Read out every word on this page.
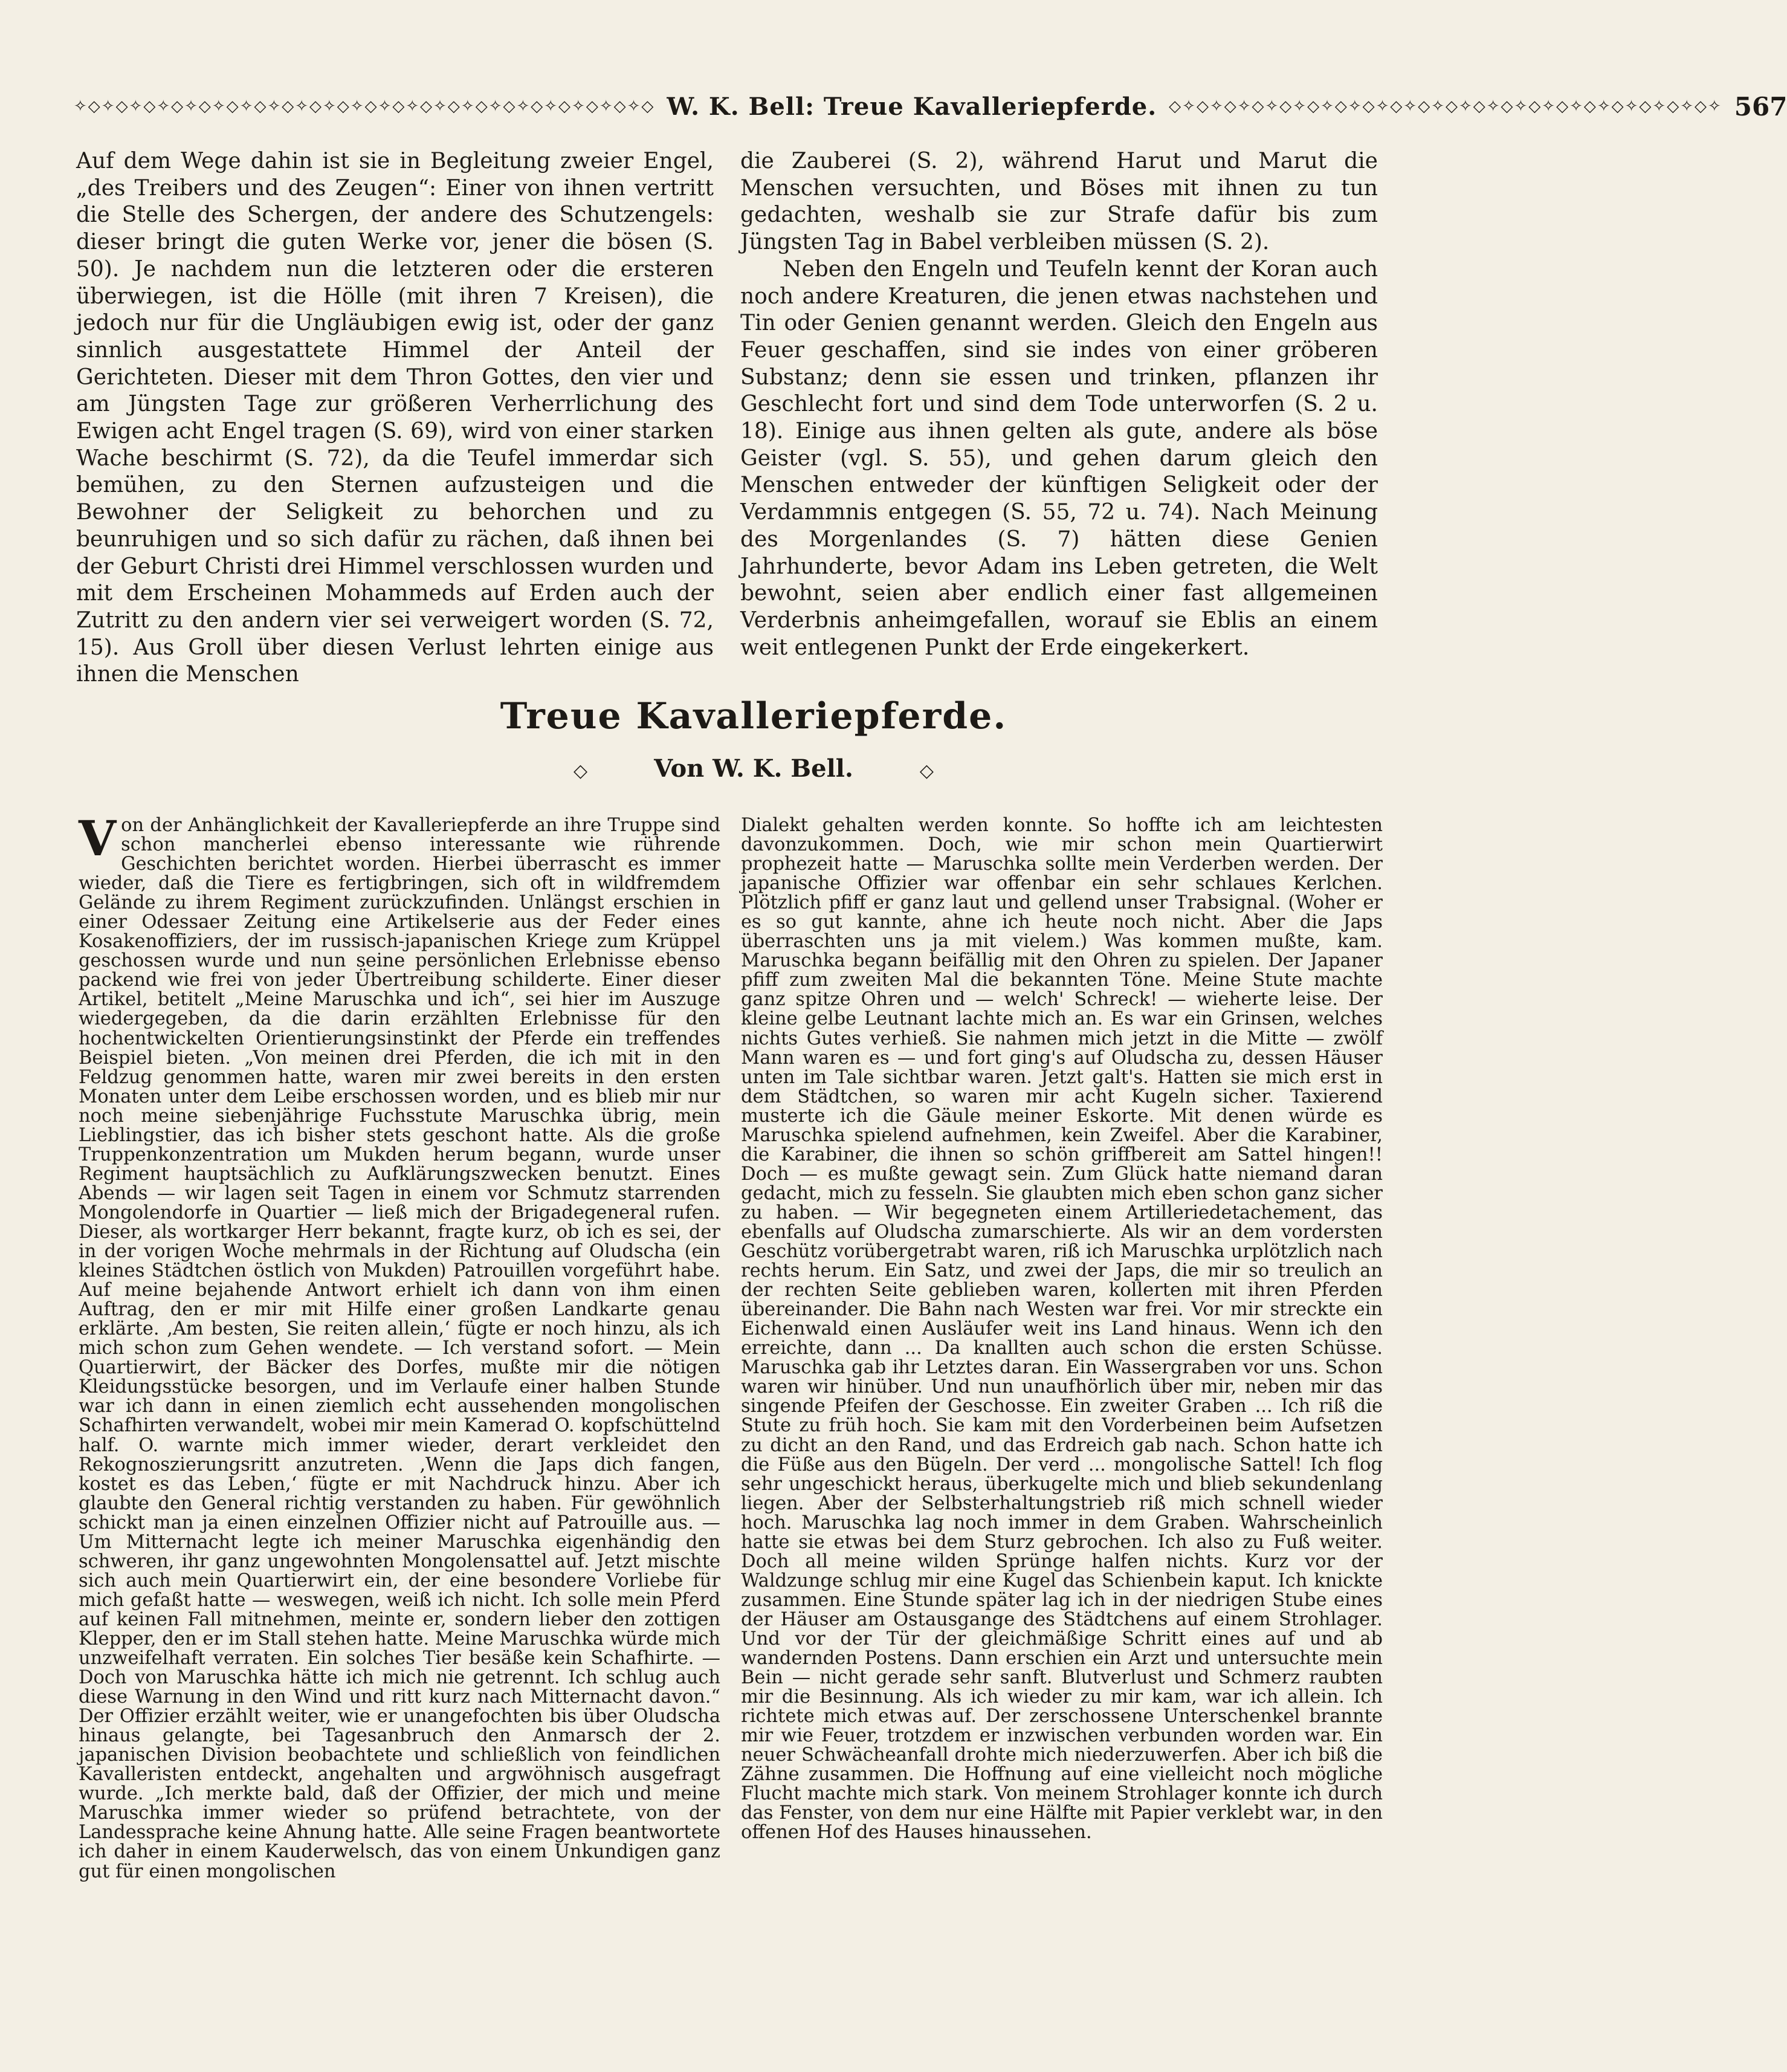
✧◇✧◇✧◇✧◇✧◇✧◇✧◇✧◇✧◇✧◇✧◇✧◇✧◇✧◇✧◇✧◇✧◇✧◇✧◇✧◇✧◇ W. K. Bell: Treue Kavalleriepferde. ◇✧◇✧◇✧◇✧◇✧◇✧◇✧◇✧◇✧◇✧◇✧◇✧◇✧◇✧◇✧◇✧◇✧◇✧◇✧◇✧ 567

Auf dem Wege dahin ist sie in Begleitung zweier Engel, „des Treibers und des Zeugen“: Einer von ihnen vertritt die Stelle des Schergen, der andere des Schutzengels: dieser bringt die guten Werke vor, jener die bösen (S. 50). Je nachdem nun die letzteren oder die ersteren überwiegen, ist die Hölle (mit ihren 7 Kreisen), die jedoch nur für die Ungläubigen ewig ist, oder der ganz sinnlich ausgestattete Himmel der Anteil der Gerichteten. Dieser mit dem Thron Gottes, den vier und am Jüngsten Tage zur größeren Verherrlichung des Ewigen acht Engel tragen (S. 69), wird von einer starken Wache beschirmt (S. 72), da die Teufel immerdar sich bemühen, zu den Sternen aufzusteigen und die Bewohner der Seligkeit zu behorchen und zu beunruhigen und so sich dafür zu rächen, daß ihnen bei der Geburt Christi drei Himmel verschlossen wurden und mit dem Erscheinen Mohammeds auf Erden auch der Zutritt zu den andern vier sei verweigert worden (S. 72, 15). Aus Groll über diesen Verlust lehrten einige aus ihnen die Menschen

die Zauberei (S. 2), während Harut und Marut die Menschen versuchten, und Böses mit ihnen zu tun gedachten, weshalb sie zur Strafe dafür bis zum Jüngsten Tag in Babel verbleiben müssen (S. 2).

Neben den Engeln und Teufeln kennt der Koran auch noch andere Kreaturen, die jenen etwas nachstehen und Tin oder Genien genannt werden. Gleich den Engeln aus Feuer geschaffen, sind sie indes von einer gröberen Substanz; denn sie essen und trinken, pflanzen ihr Geschlecht fort und sind dem Tode unterworfen (S. 2 u. 18). Einige aus ihnen gelten als gute, andere als böse Geister (vgl. S. 55), und gehen darum gleich den Menschen entweder der künftigen Seligkeit oder der Verdammnis entgegen (S. 55, 72 u. 74). Nach Meinung des Morgenlandes (S. 7) hätten diese Genien Jahrhunderte, bevor Adam ins Leben getreten, die Welt bewohnt, seien aber endlich einer fast allgemeinen Verderbnis anheimgefallen, worauf sie Eblis an einem weit entlegenen Punkt der Erde eingekerkert.

Treue Kavalleriepferde.
◇	Von W. K. Bell.	◇

Von der Anhänglichkeit der Kavalleriepferde an ihre Truppe sind schon mancherlei ebenso interessante wie rührende Geschichten berichtet worden. Hierbei überrascht es immer wieder, daß die Tiere es fertigbringen, sich oft in wildfremdem Gelände zu ihrem Regiment zurückzufinden. Unlängst erschien in einer Odessaer Zeitung eine Artikelserie aus der Feder eines Kosakenoffiziers, der im russisch-japanischen Kriege zum Krüppel geschossen wurde und nun seine persönlichen Erlebnisse ebenso packend wie frei von jeder Übertreibung schilderte. Einer dieser Artikel, betitelt „Meine Maruschka und ich“, sei hier im Auszuge wiedergegeben, da die darin erzählten Erlebnisse für den hochentwickelten Orientierungsinstinkt der Pferde ein treffendes Beispiel bieten. „Von meinen drei Pferden, die ich mit in den Feldzug genommen hatte, waren mir zwei bereits in den ersten Monaten unter dem Leibe erschossen worden, und es blieb mir nur noch meine siebenjährige Fuchsstute Maruschka übrig, mein Lieblingstier, das ich bisher stets geschont hatte. Als die große Truppenkonzentration um Mukden herum begann, wurde unser Regiment hauptsächlich zu Aufklärungszwecken benutzt. Eines Abends — wir lagen seit Tagen in einem vor Schmutz starrenden Mongolendorfe in Quartier — ließ mich der Brigadegeneral rufen. Dieser, als wortkarger Herr bekannt, fragte kurz, ob ich es sei, der in der vorigen Woche mehrmals in der Richtung auf Oludscha (ein kleines Städtchen östlich von Mukden) Patrouillen vorgeführt habe. Auf meine bejahende Antwort erhielt ich dann von ihm einen Auftrag, den er mir mit Hilfe einer großen Landkarte genau erklärte. ‚Am besten, Sie reiten allein,‘ fügte er noch hinzu, als ich mich schon zum Gehen wendete. — Ich verstand sofort. — Mein Quartierwirt, der Bäcker des Dorfes, mußte mir die nötigen Kleidungsstücke besorgen, und im Verlaufe einer halben Stunde war ich dann in einen ziemlich echt aussehenden mongolischen Schafhirten verwandelt, wobei mir mein Kamerad O. kopfschüttelnd half. O. warnte mich immer wieder, derart verkleidet den Rekognoszierungsritt anzutreten. ‚Wenn die Japs dich fangen, kostet es das Leben,‘ fügte er mit Nachdruck hinzu. Aber ich glaubte den General richtig verstanden zu haben. Für gewöhnlich schickt man ja einen einzelnen Offizier nicht auf Patrouille aus. — Um Mitternacht legte ich meiner Maruschka eigenhändig den schweren, ihr ganz ungewohnten Mongolensattel auf. Jetzt mischte sich auch mein Quartierwirt ein, der eine besondere Vorliebe für mich gefaßt hatte — weswegen, weiß ich nicht. Ich solle mein Pferd auf keinen Fall mitnehmen, meinte er, sondern lieber den zottigen Klepper, den er im Stall stehen hatte. Meine Maruschka würde mich unzweifelhaft verraten. Ein solches Tier besäße kein Schafhirte. — Doch von Maruschka hätte ich mich nie getrennt. Ich schlug auch diese Warnung in den Wind und ritt kurz nach Mitternacht davon.“ Der Offizier erzählt weiter, wie er unangefochten bis über Oludscha hinaus gelangte, bei Tagesanbruch den Anmarsch der 2. japanischen Division beobachtete und schließlich von feindlichen Kavalleristen entdeckt, angehalten und argwöhnisch ausgefragt wurde. „Ich merkte bald, daß der Offizier, der mich und meine Maruschka immer wieder so prüfend betrachtete, von der Landessprache keine Ahnung hatte. Alle seine Fragen beantwortete ich daher in einem Kauderwelsch, das von einem Unkundigen ganz gut für einen mongolischen

Dialekt gehalten werden konnte. So hoffte ich am leichtesten davonzukommen. Doch, wie mir schon mein Quartierwirt prophezeit hatte — Maruschka sollte mein Verderben werden. Der japanische Offizier war offenbar ein sehr schlaues Kerlchen. Plötzlich pfiff er ganz laut und gellend unser Trabsignal. (Woher er es so gut kannte, ahne ich heute noch nicht. Aber die Japs überraschten uns ja mit vielem.) Was kommen mußte, kam. Maruschka begann beifällig mit den Ohren zu spielen. Der Japaner pfiff zum zweiten Mal die bekannten Töne. Meine Stute machte ganz spitze Ohren und — welch' Schreck! — wieherte leise. Der kleine gelbe Leutnant lachte mich an. Es war ein Grinsen, welches nichts Gutes verhieß. Sie nahmen mich jetzt in die Mitte — zwölf Mann waren es — und fort ging's auf Oludscha zu, dessen Häuser unten im Tale sichtbar waren. Jetzt galt's. Hatten sie mich erst in dem Städtchen, so waren mir acht Kugeln sicher. Taxierend musterte ich die Gäule meiner Eskorte. Mit denen würde es Maruschka spielend aufnehmen, kein Zweifel. Aber die Karabiner, die Karabiner, die ihnen so schön griffbereit am Sattel hingen!! Doch — es mußte gewagt sein. Zum Glück hatte niemand daran gedacht, mich zu fesseln. Sie glaubten mich eben schon ganz sicher zu haben. — Wir begegneten einem Artilleriedetachement, das ebenfalls auf Oludscha zumarschierte. Als wir an dem vordersten Geschütz vorübergetrabt waren, riß ich Maruschka urplötzlich nach rechts herum. Ein Satz, und zwei der Japs, die mir so treulich an der rechten Seite geblieben waren, kollerten mit ihren Pferden übereinander. Die Bahn nach Westen war frei. Vor mir streckte ein Eichenwald einen Ausläufer weit ins Land hinaus. Wenn ich den erreichte, dann ... Da knallten auch schon die ersten Schüsse. Maruschka gab ihr Letztes daran. Ein Wassergraben vor uns. Schon waren wir hinüber. Und nun unaufhörlich über mir, neben mir das singende Pfeifen der Geschosse. Ein zweiter Graben ... Ich riß die Stute zu früh hoch. Sie kam mit den Vorderbeinen beim Aufsetzen zu dicht an den Rand, und das Erdreich gab nach. Schon hatte ich die Füße aus den Bügeln. Der verd ... mongolische Sattel! Ich flog sehr ungeschickt heraus, überkugelte mich und blieb sekundenlang liegen. Aber der Selbsterhaltungstrieb riß mich schnell wieder hoch. Maruschka lag noch immer in dem Graben. Wahrscheinlich hatte sie etwas bei dem Sturz gebrochen. Ich also zu Fuß weiter. Doch all meine wilden Sprünge halfen nichts. Kurz vor der Waldzunge schlug mir eine Kugel das Schienbein kaput. Ich knickte zusammen. Eine Stunde später lag ich in der niedrigen Stube eines der Häuser am Ostausgange des Städtchens auf einem Strohlager. Und vor der Tür der gleichmäßige Schritt eines auf und ab wandernden Postens. Dann erschien ein Arzt und untersuchte mein Bein — nicht gerade sehr sanft. Blutverlust und Schmerz raubten mir die Besinnung. Als ich wieder zu mir kam, war ich allein. Ich richtete mich etwas auf. Der zerschossene Unterschenkel brannte mir wie Feuer, trotzdem er inzwischen verbunden worden war. Ein neuer Schwächeanfall drohte mich niederzuwerfen. Aber ich biß die Zähne zusammen. Die Hoffnung auf eine vielleicht noch mögliche Flucht machte mich stark. Von meinem Strohlager konnte ich durch das Fenster, von dem nur eine Hälfte mit Papier verklebt war, in den offenen Hof des Hauses hinaussehen.
